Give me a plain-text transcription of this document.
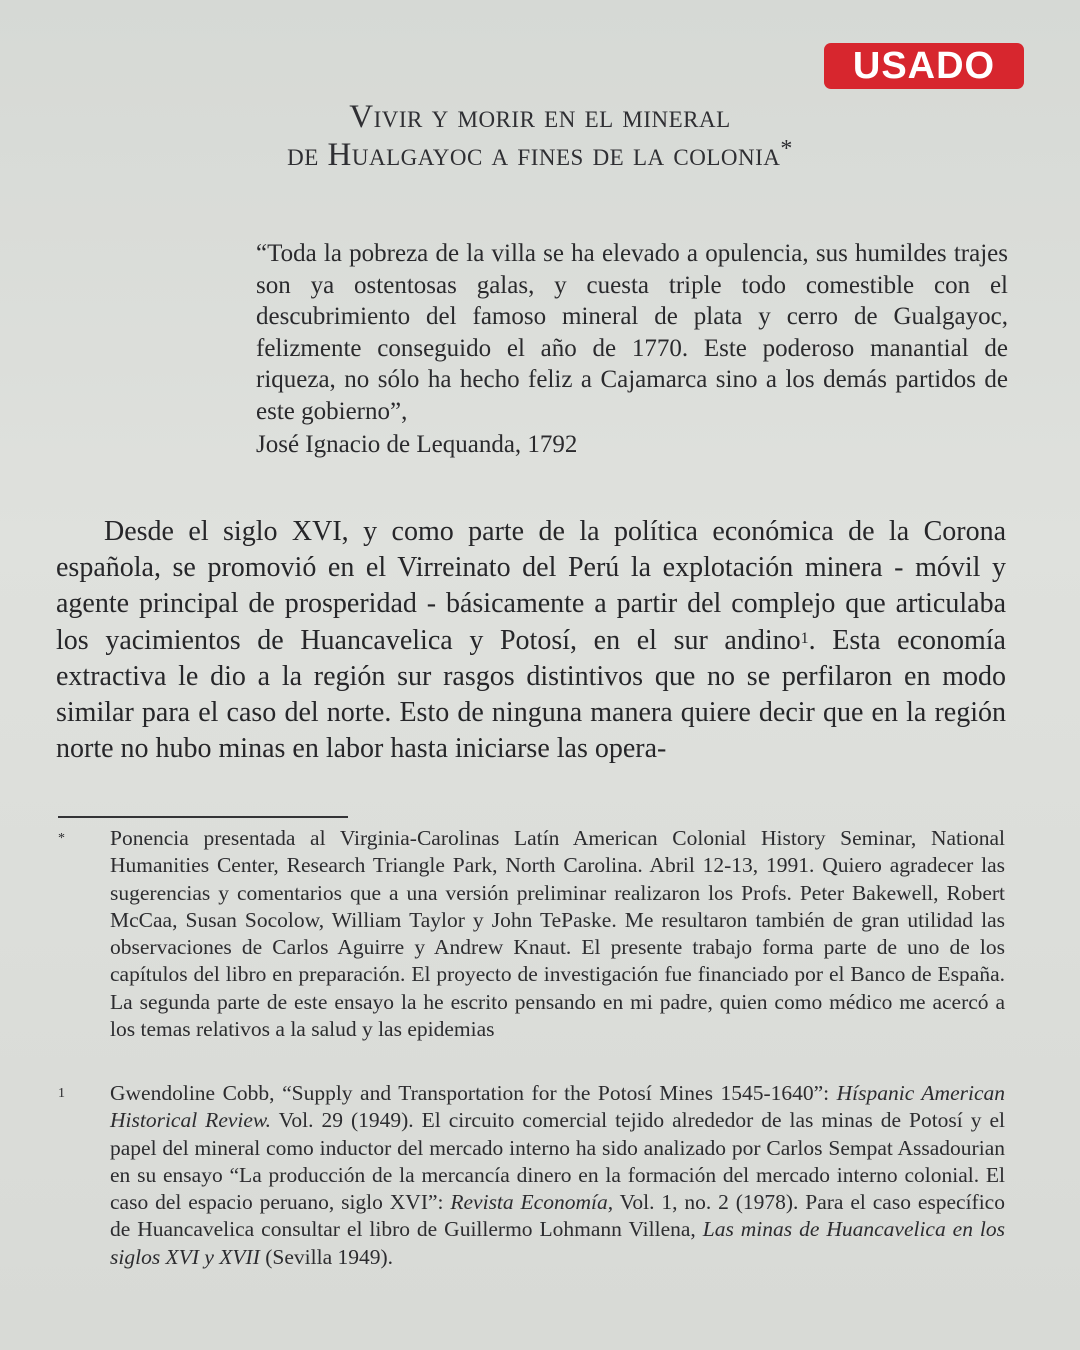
USADO
Vivir y morir en el mineral
de Hualgayoc a fines de la colonia*
“Toda la pobreza de la villa se ha elevado a opulencia, sus humildes trajes son ya ostentosas galas, y cuesta triple todo comestible con el descubrimiento del famoso mineral de plata y cerro de Gualgayoc, felizmente conseguido el año de 1770. Este poderoso manantial de riqueza, no sólo ha hecho feliz a Cajamarca sino a los demás partidos de este gobierno”,
José Ignacio de Lequanda, 1792
Desde el siglo XVI, y como parte de la política económica de la Corona española, se promovió en el Virreinato del Perú la explotación minera - móvil y agente principal de prosperidad - básicamente a partir del complejo que articulaba los yacimientos de Huancavelica y Potosí, en el sur andino$^1$. Esta economía extractiva le dio a la región sur rasgos distintivos que no se perfilaron en modo similar para el caso del norte. Esto de ninguna manera quiere decir que en la región norte no hubo minas en labor hasta iniciarse las opera-
* Ponencia presentada al Virginia-Carolinas Latín American Colonial History Seminar, National Humanities Center, Research Triangle Park, North Carolina. Abril 12-13, 1991. Quiero agradecer las sugerencias y comentarios que a una versión preliminar realizaron los Profs. Peter Bakewell, Robert McCaa, Susan Socolow, William Taylor y John TePaske. Me resultaron también de gran utilidad las observaciones de Carlos Aguirre y Andrew Knaut. El presente trabajo forma parte de uno de los capítulos del libro en preparación. El proyecto de investigación fue financiado por el Banco de España. La segunda parte de este ensayo la he escrito pensando en mi padre, quien como médico me acercó a los temas relativos a la salud y las epidemias
1 Gwendoline Cobb, “Supply and Transportation for the Potosí Mines 1545-1640”: Híspanic American Historical Review. Vol. 29 (1949). El circuito comercial tejido alrededor de las minas de Potosí y el papel del mineral como inductor del mercado interno ha sido analizado por Carlos Sempat Assadourian en su ensayo “La producción de la mercancía dinero en la formación del mercado interno colonial. El caso del espacio peruano, siglo XVI”: Revista Economía, Vol. 1, no. 2 (1978). Para el caso específico de Huancavelica consultar el libro de Guillermo Lohmann Villena, Las minas de Huancavelica en los siglos XVI y XVII (Sevilla 1949).
